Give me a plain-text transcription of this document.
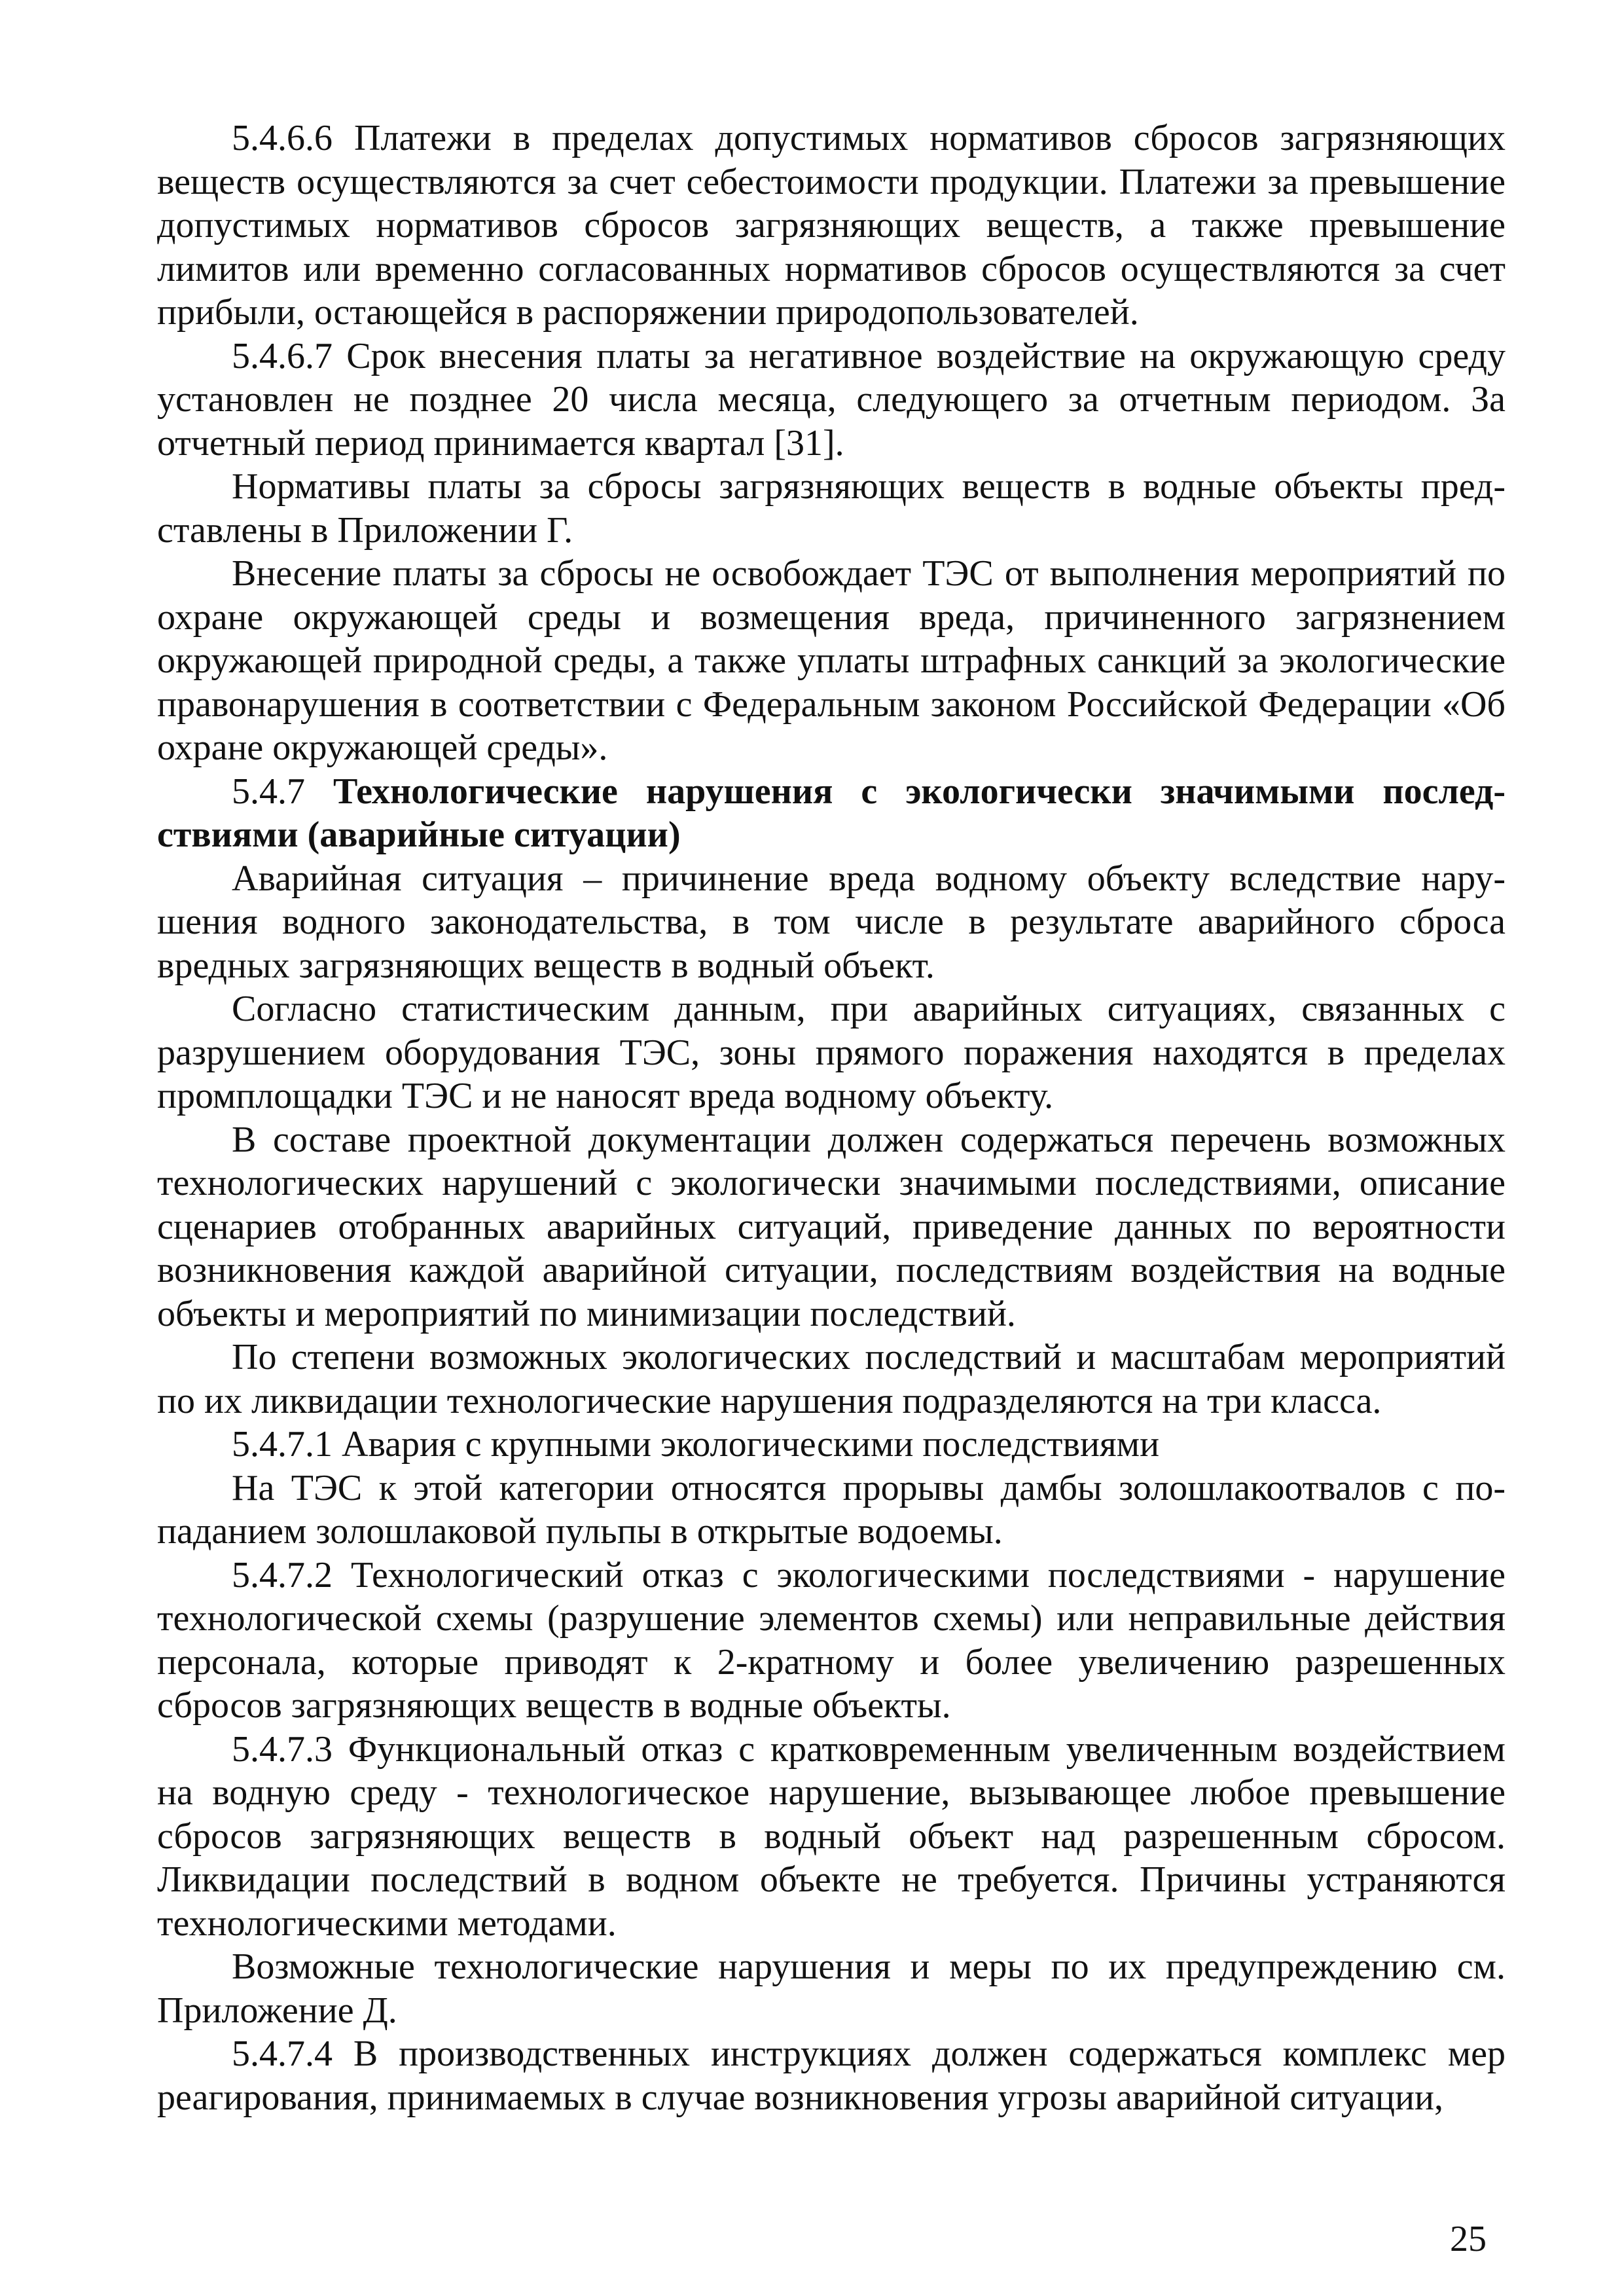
5.4.6.6 Платежи в пределах допустимых нормативов сбросов загрязняющих веществ осуществляются за счет себестоимости продукции. Платежи за превышение допустимых нормативов сбросов загрязняющих веществ, а также превышение лимитов или временно согласованных нормативов сбросов осуществляются за счет прибыли, остающейся в распоряжении природопользователей.

5.4.6.7 Срок внесения платы за негативное воздействие на окружающую среду установлен не позднее 20 числа месяца, следующего за отчетным периодом. За отчетный период принимается квартал [31].

Нормативы платы за сбросы загрязняющих веществ в водные объекты представлены в Приложении Г.

Внесение платы за сбросы не освобождает ТЭС от выполнения мероприятий по охране окружающей среды и возмещения вреда, причиненного загрязнением окружающей природной среды, а также уплаты штрафных санкций за экологические правонарушения в соответствии с Федеральным законом Российской Федерации «Об охране окружающей среды».

5.4.7 Технологические нарушения с экологически значимыми последствиями (аварийные ситуации)

Аварийная ситуация – причинение вреда водному объекту вследствие нарушения водного законодательства, в том числе в результате аварийного сброса вредных загрязняющих веществ в водный объект.

Согласно статистическим данным, при аварийных ситуациях, связанных с разрушением оборудования ТЭС, зоны прямого поражения находятся в пределах промплощадки ТЭС и не наносят вреда водному объекту.

В составе проектной документации должен содержаться перечень возможных технологических нарушений с экологически значимыми последствиями, описание сценариев отобранных аварийных ситуаций, приведение данных по вероятности возникновения каждой аварийной ситуации, последствиям воздействия на водные объекты и мероприятий по минимизации последствий.

По степени возможных экологических последствий и масштабам мероприятий по их ликвидации технологические нарушения подразделяются на три класса.

5.4.7.1 Авария с крупными экологическими последствиями

На ТЭС к этой категории относятся прорывы дамбы золошлакоотвалов с попаданием золошлаковой пульпы в открытые водоемы.

5.4.7.2 Технологический отказ с экологическими последствиями - нарушение технологической схемы (разрушение элементов схемы) или неправильные действия персонала, которые приводят к 2-кратному и более увеличению разрешенных сбросов загрязняющих веществ в водные объекты.

5.4.7.3 Функциональный отказ с кратковременным увеличенным воздействием на водную среду - технологическое нарушение, вызывающее любое превышение сбросов загрязняющих веществ в водный объект над разрешенным сбросом. Ликвидации последствий в водном объекте не требуется. Причины устраняются технологическими методами.

Возможные технологические нарушения и меры по их предупреждению см. Приложение Д.

5.4.7.4 В производственных инструкциях должен содержаться комплекс мер реагирования, принимаемых в случае возникновения угрозы аварийной ситуации,

25
